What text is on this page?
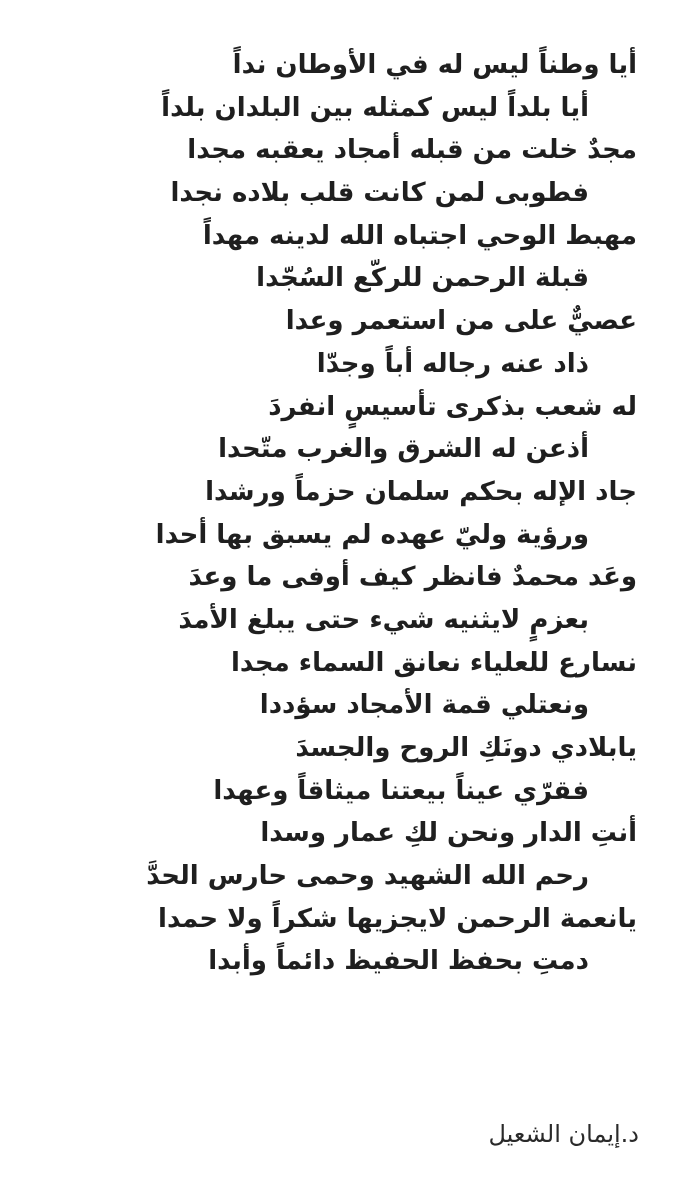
أيا وطناً ليس له في الأوطان نداً
أيا بلداً ليس كمثله بين البلدان بلداً
مجدٌ خلت من قبله أمجاد يعقبه مجدا
فطوبى لمن كانت قلب بلاده نجدا
مهبط الوحي اجتباه الله لدينه مهداً
قبلة الرحمن للركّع السُجّدا
عصيٌّ على من استعمر وعدا
ذاد عنه رجاله أباً وجدّا
له شعب بذكرى تأسيسٍ انفردَ
أذعن له الشرق والغرب متّحدا
جاد الإله بحكم سلمان حزماً ورشدا
ورؤية وليّ عهده لم يسبق بها أحدا
وعَد محمدٌ فانظر كيف أوفى ما وعدَ
بعزمٍ لايثنيه شيء حتى يبلغ الأمدَ
نسارع للعلياء نعانق السماء مجدا
ونعتلي قمة الأمجاد سؤددا
يابلادي دونَكِ الروح والجسدَ
فقرّي عيناً بيعتنا ميثاقاً وعهدا
أنتِ الدار ونحن لكِ عمار وسدا
رحم الله الشهيد وحمى حارس الحدَّ
يانعمة الرحمن لايجزيها شكراً ولا حمدا
دمتِ بحفظ الحفيظ دائماً وأبدا
د.إيمان الشعيل
